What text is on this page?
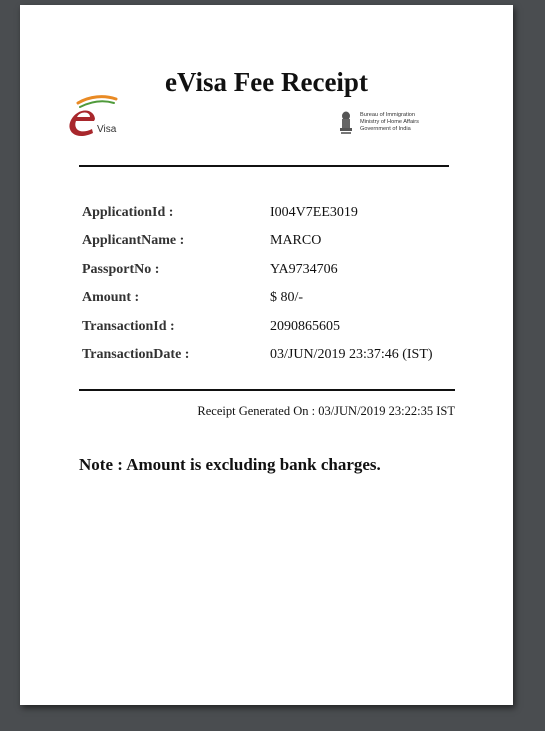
eVisa Fee Receipt
Visa
Bureau of Immigration
Ministry of Home Affairs
Government of India
ApplicationId :	I004V7EE3019
ApplicantName :	MARCO
PassportNo :	YA9734706
Amount :	$ 80/-
TransactionId :	2090865605
TransactionDate :	03/JUN/2019 23:37:46 (IST)
Receipt Generated On : 03/JUN/2019 23:22:35 IST
Note : Amount is excluding bank charges.
